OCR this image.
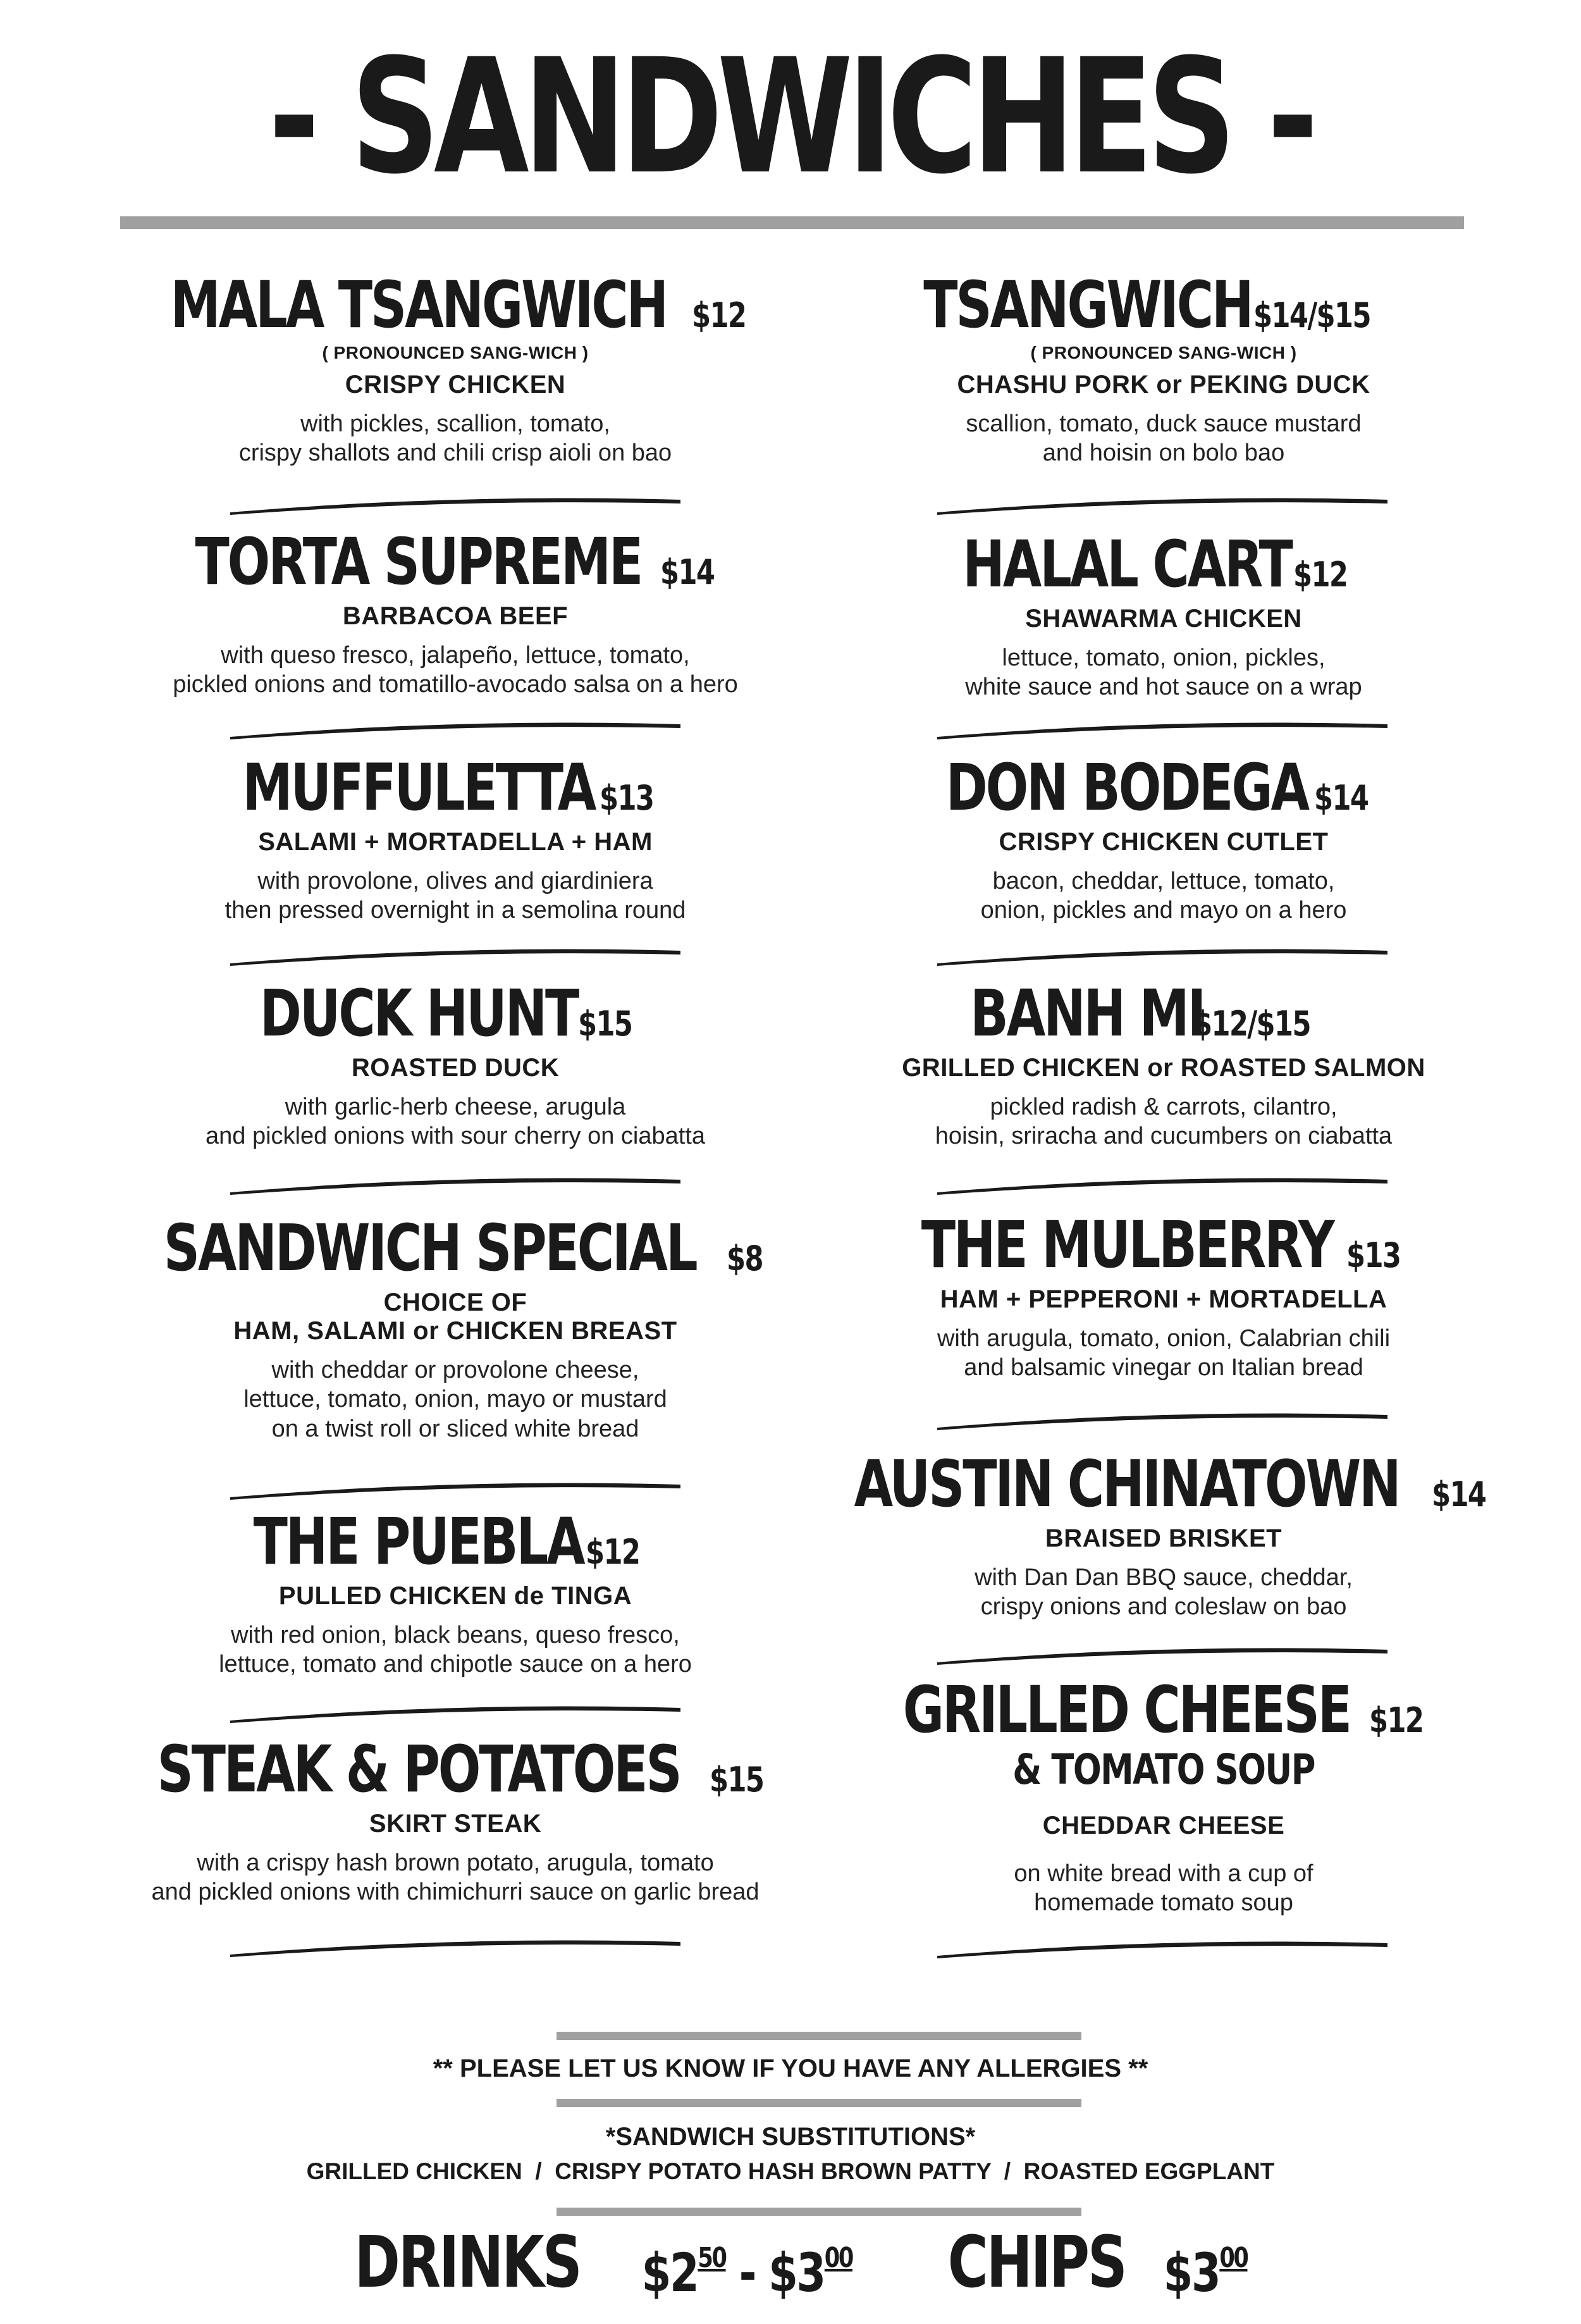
- SANDWICHES -
MALA TSANGWICH $12
( PRONOUNCED SANG-WICH )
CRISPY CHICKEN
with pickles, scallion, tomato,
crispy shallots and chili crisp aioli on bao
TORTA SUPREME $14
BARBACOA BEEF
with queso fresco, jalapeño, lettuce, tomato,
pickled onions and tomatillo-avocado salsa on a hero
MUFFULETTA $13
SALAMI + MORTADELLA + HAM
with provolone, olives and giardiniera
then pressed overnight in a semolina round
DUCK HUNT$15
ROASTED DUCK
with garlic-herb cheese, arugula
and pickled onions with sour cherry on ciabatta
SANDWICH SPECIAL $8
CHOICE OF
HAM, SALAMI or CHICKEN BREAST
with cheddar or provolone cheese,
lettuce, tomato, onion, mayo or mustard
on a twist roll or sliced white bread
THE PUEBLA$12
PULLED CHICKEN de TINGA
with red onion, black beans, queso fresco,
lettuce, tomato and chipotle sauce on a hero
STEAK & POTATOES $15
SKIRT STEAK
with a crispy hash brown potato, arugula, tomato
and pickled onions with chimichurri sauce on garlic bread
TSANGWICH$14/$15
( PRONOUNCED SANG-WICH )
CHASHU PORK or PEKING DUCK
scallion, tomato, duck sauce mustard
and hoisin on bolo bao
HALAL CART$12
SHAWARMA CHICKEN
lettuce, tomato, onion, pickles,
white sauce and hot sauce on a wrap
DON BODEGA $14
CRISPY CHICKEN CUTLET
bacon, cheddar, lettuce, tomato,
onion, pickles and mayo on a hero
BANH MI$12/$15
GRILLED CHICKEN or ROASTED SALMON
pickled radish & carrots, cilantro,
hoisin, sriracha and cucumbers on ciabatta
THE MULBERRY $13
HAM + PEPPERONI + MORTADELLA
with arugula, tomato, onion, Calabrian chili
and balsamic vinegar on Italian bread
AUSTIN CHINATOWN $14
BRAISED BRISKET
with Dan Dan BBQ sauce, cheddar,
crispy onions and coleslaw on bao
GRILLED CHEESE $12
& TOMATO SOUP
CHEDDAR CHEESE
on white bread with a cup of
homemade tomato soup
** PLEASE LET US KNOW IF YOU HAVE ANY ALLERGIES **
*SANDWICH SUBSTITUTIONS*
GRILLED CHICKEN  /  CRISPY POTATO HASH BROWN PATTY  /  ROASTED EGGPLANT
DRINKS $\$2^{50}$ - $\$3^{00}$ CHIPS $\$3^{00}$
